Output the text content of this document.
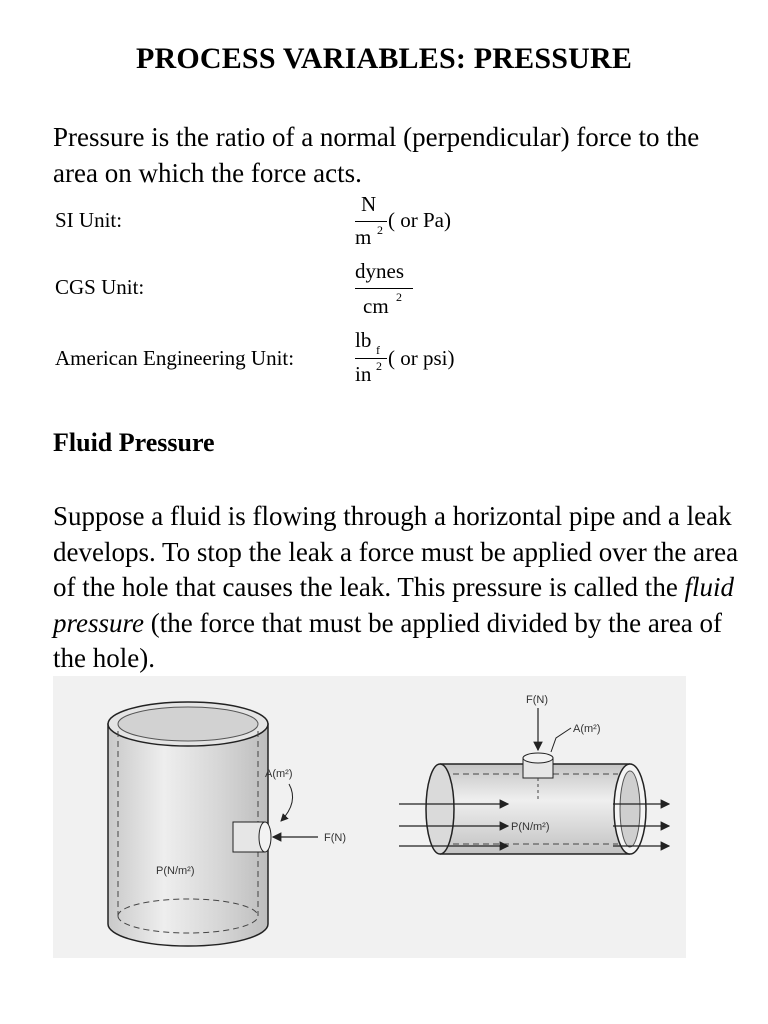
PROCESS VARIABLES: PRESSURE
Pressure is the ratio of a normal (perpendicular) force to the area on which the force acts.
SI Unit:
N
m 2 ( or Pa)
CGS Unit:
dynes
cm 2
American Engineering Unit:
lb f
in 2 ( or psi)
Fluid Pressure
Suppose a fluid is flowing through a horizontal pipe and a leak develops. To stop the leak a force must be applied over the area of the hole that causes the leak. This pressure is called the fluid pressure (the force that must be applied divided by the area of the hole).
A(m²)
F(N)
P(N/m²)
F(N)
A(m²)
P(N/m²)
